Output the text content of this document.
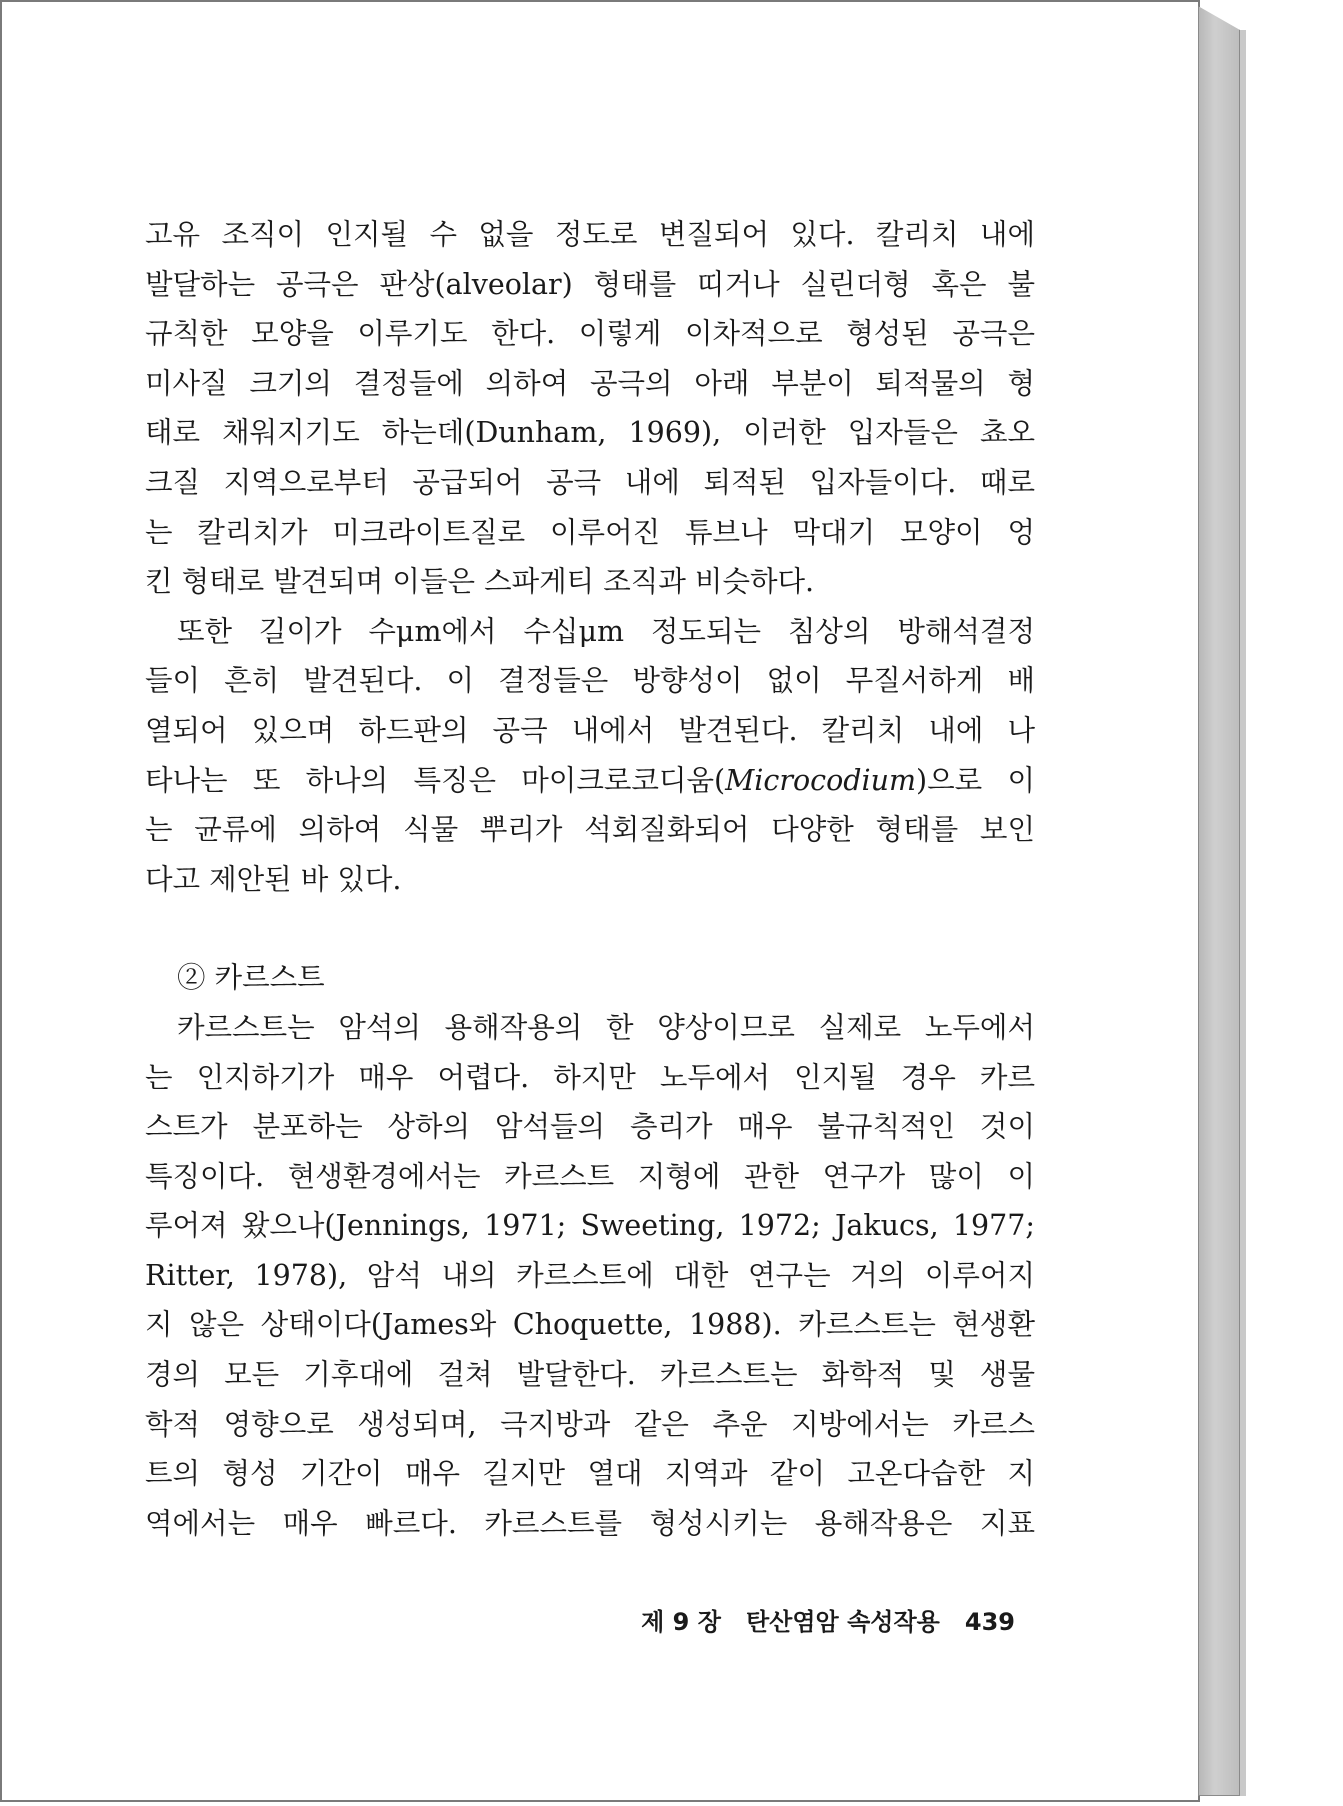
고유 조직이 인지될 수 없을 정도로 변질되어 있다. 칼리치 내에
발달하는 공극은 판상(alveolar) 형태를 띠거나 실린더형 혹은 불
규칙한 모양을 이루기도 한다. 이렇게 이차적으로 형성된 공극은
미사질 크기의 결정들에 의하여 공극의 아래 부분이 퇴적물의 형
태로 채워지기도 하는데(Dunham, 1969), 이러한 입자들은 쵸오
크질 지역으로부터 공급되어 공극 내에 퇴적된 입자들이다. 때로
는 칼리치가 미크라이트질로 이루어진 튜브나 막대기 모양이 엉
킨 형태로 발견되며 이들은 스파게티 조직과 비슷하다.
또한 길이가 수μm에서 수십μm 정도되는 침상의 방해석결정
들이 흔히 발견된다. 이 결정들은 방향성이 없이 무질서하게 배
열되어 있으며 하드판의 공극 내에서 발견된다. 칼리치 내에 나
타나는 또 하나의 특징은 마이크로코디움(Microcodium)으로 이
는 균류에 의하여 식물 뿌리가 석회질화되어 다양한 형태를 보인
다고 제안된 바 있다.
② 카르스트
카르스트는 암석의 용해작용의 한 양상이므로 실제로 노두에서
는 인지하기가 매우 어렵다. 하지만 노두에서 인지될 경우 카르
스트가 분포하는 상하의 암석들의 층리가 매우 불규칙적인 것이
특징이다. 현생환경에서는 카르스트 지형에 관한 연구가 많이 이
루어져 왔으나(Jennings, 1971; Sweeting, 1972; Jakucs, 1977;
Ritter, 1978), 암석 내의 카르스트에 대한 연구는 거의 이루어지
지 않은 상태이다(James와 Choquette, 1988). 카르스트는 현생환
경의 모든 기후대에 걸쳐 발달한다. 카르스트는 화학적 및 생물
학적 영향으로 생성되며, 극지방과 같은 추운 지방에서는 카르스
트의 형성 기간이 매우 길지만 열대 지역과 같이 고온다습한 지
역에서는 매우 빠르다. 카르스트를 형성시키는 용해작용은 지표
제 9 장 탄산염암 속성작용 439
